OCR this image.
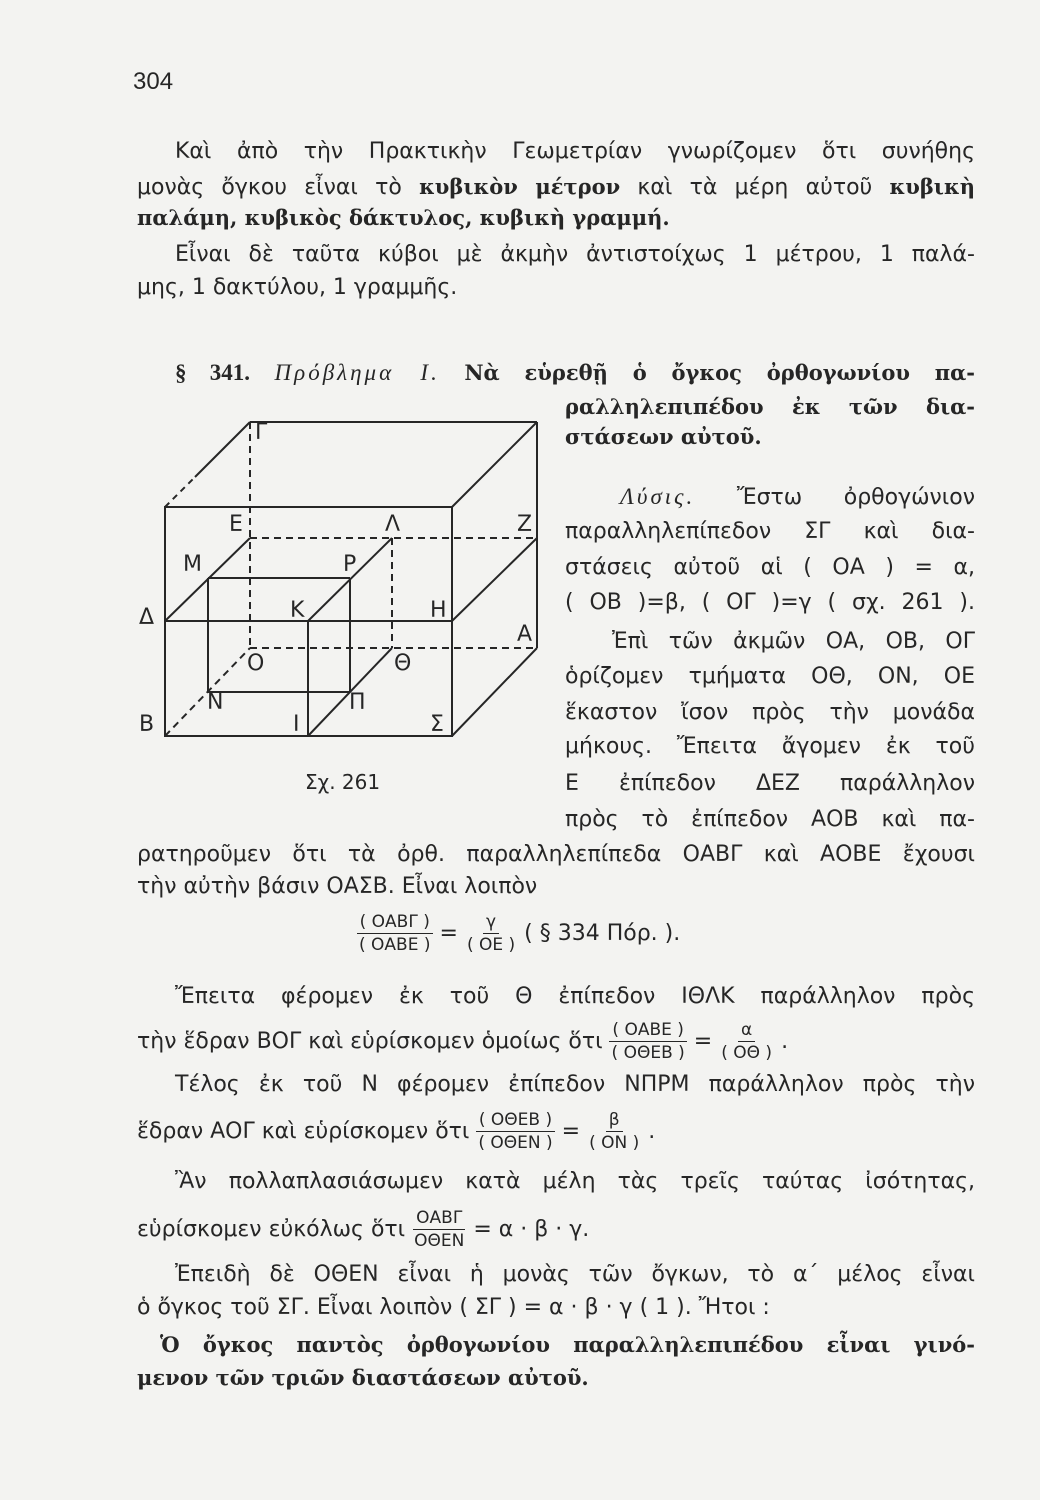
304
Καὶ ἀπὸ τὴν Πρακτικὴν Γεωμετρίαν γνωρίζομεν ὅτι συνήθης
μονὰς ὄγκου εἶναι τὸ κυβικὸν μέτρον καὶ τὰ μέρη αὐτοῦ κυβικὴ
παλάμη, κυβικὸς δάκτυλος, κυβικὴ γραμμή.
Εἶναι δὲ ταῦτα κύβοι μὲ ἀκμὴν ἀντιστοίχως 1 μέτρου, 1 παλά-
μης, 1 δακτύλου, 1 γραμμῆς.
§ 341. Πρόβλημα I. Νὰ εὑρεθῇ ὁ ὄγκος ὀρθογωνίου πα-
ραλληλεπιπέδου ἐκ τῶν δια-
στάσεων αὐτοῦ.
Λύσις. Ἔστω ὀρθογώνιον
παραλληλεπίπεδον ΣΓ καὶ δια-
στάσεις αὐτοῦ αἱ ( ΟΑ ) = α,
( ΟΒ )=β, ( ΟΓ )=γ ( σχ. 261 ).
Ἐπὶ τῶν ἀκμῶν ΟΑ, ΟΒ, ΟΓ
ὁρίζομεν τμήματα ΟΘ, ΟΝ, ΟΕ
ἕκαστον ἴσον πρὸς τὴν μονάδα
μήκους. Ἔπειτα ἄγομεν ἐκ τοῦ
Ε ἐπίπεδον ΔΕΖ παράλληλον
πρὸς τὸ ἐπίπεδον ΑΟΒ καὶ πα-
ρατηροῦμεν ὅτι τὰ ὀρθ. παραλληλεπίπεδα ΟΑΒΓ καὶ ΑΟΒΕ ἔχουσι
τὴν αὐτὴν βάσιν ΟΑΣΒ. Εἶναι λοιπὸν
Γ
Ε	Λ	Ζ
Μ	Ρ
Δ	Κ	Η
Α
Ο	Θ
Ν	Π
Β	Ι	Σ
Σχ. 261
$\frac{\text{( ΟΑΒΓ )}}{\text{( ΟΑΒΕ )}} = \frac{\gamma}{( OE )}$ ( § 334 Πόρ. ).
Ἔπειτα φέρομεν ἐκ τοῦ Θ ἐπίπεδον ΙΘΛΚ παράλληλον πρὸς
τὴν ἕδραν ΒΟΓ καὶ εὑρίσκομεν ὁμοίως ὅτι $\frac{\text{( ΟΑΒΕ )}}{\text{( ΟΘΕΒ )}} = \frac{\alpha}{( O\Theta )}$ .
Τέλος ἐκ τοῦ Ν φέρομεν ἐπίπεδον ΝΠΡΜ παράλληλον πρὸς τὴν
ἕδραν ΑΟΓ καὶ εὑρίσκομεν ὅτι $\frac{\text{( ΟΘΕΒ )}}{\text{( ΟΘΕΝ )}} = \frac{\beta}{( ON )}$ .
Ἂν πολλαπλασιάσωμεν κατὰ μέλη τὰς τρεῖς ταύτας ἰσότητας,
εὑρίσκομεν εὐκόλως ὅτι $\frac{\text{ΟΑΒΓ}}{\text{ΟΘΕΝ}} = \alpha \cdot \beta \cdot \gamma$.
Ἐπειδὴ δὲ ΟΘΕΝ εἶναι ἡ μονὰς τῶν ὄγκων, τὸ α΄ μέλος εἶναι
ὁ ὄγκος τοῦ ΣΓ. Εἶναι λοιπὸν ( ΣΓ ) = α · β · γ ( 1 ). Ἤτοι :
Ὁ ὄγκος παντὸς ὀρθογωνίου παραλληλεπιπέδου εἶναι γινό-
μενον τῶν τριῶν διαστάσεων αὐτοῦ.
